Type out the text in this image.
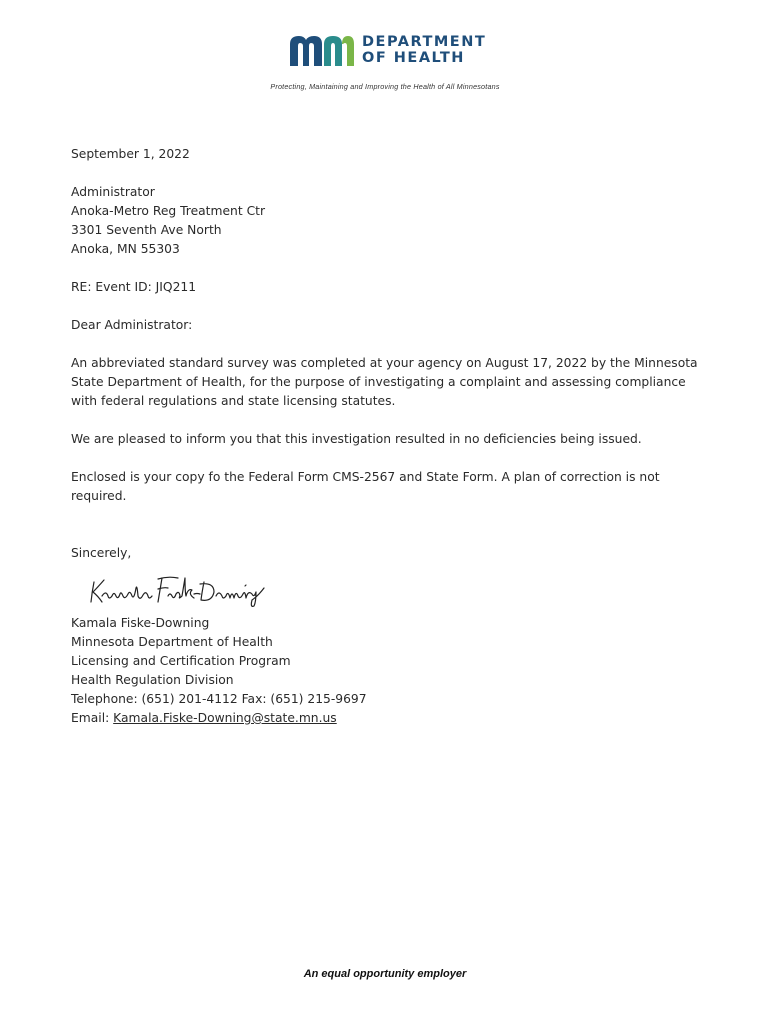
DEPARTMENT
OF HEALTH
Protecting, Maintaining and Improving the Health of All Minnesotans
September 1, 2022
Administrator
Anoka-Metro Reg Treatment Ctr
3301 Seventh Ave North
Anoka, MN 55303
RE: Event ID: JIQ211
Dear Administrator:
An abbreviated standard survey was completed at your agency on August 17, 2022 by the Minnesota
State Department of Health, for the purpose of investigating a complaint and assessing compliance
with federal regulations and state licensing statutes.
We are pleased to inform you that this investigation resulted in no deficiencies being issued.
Enclosed is your copy fo the Federal Form CMS-2567 and State Form. A plan of correction is not
required.
Sincerely,
Kamala Fiske-Downing
Minnesota Department of Health
Licensing and Certification Program
Health Regulation Division
Telephone: (651) 201-4112 Fax: (651) 215-9697
Email: Kamala.Fiske-Downing@state.mn.us
An equal opportunity employer
